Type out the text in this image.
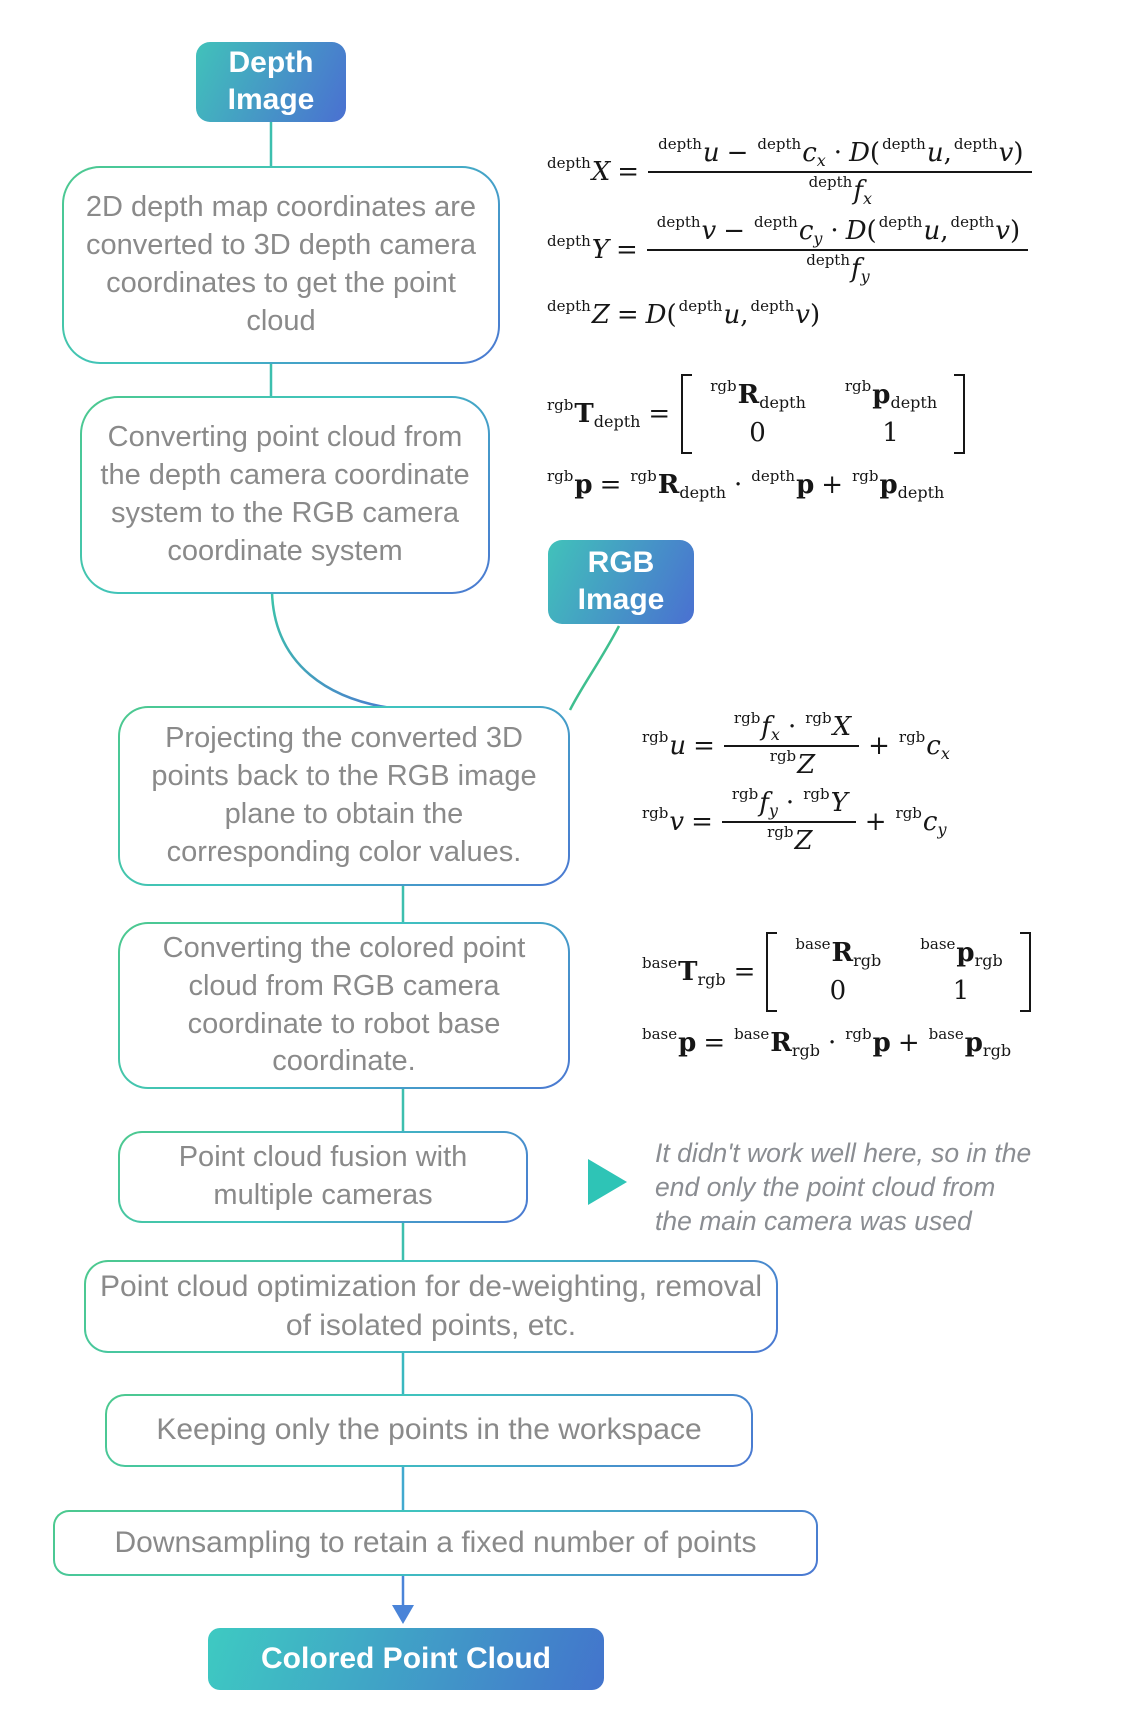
Depth
Image
RGB
Image
2D depth map coordinates are converted to 3D depth camera coordinates to get the point cloud
Converting point cloud from the depth camera coordinate system to the RGB camera coordinate system
Projecting the converted 3D points back to the RGB image plane to obtain the corresponding color values.
Converting the colored point cloud from RGB camera coordinate to robot base coordinate.
Point cloud fusion with multiple cameras
Point cloud optimization for de-weighting, removal of isolated points, etc.
Keeping only the points in the workspace
Downsampling to retain a fixed number of points
Colored Point Cloud
It didn't work well here, so in the end only the point cloud from the main camera was used
depth $X = \frac{\text{depth u − depth c x · D ( depth u , depth v )}}{\text{depth f x}}$
depth $Y = \frac{\text{depth v − depth c y · D ( depth u , depth v )}}{\text{depth f y}}$
depth Z = D ( depth u , depth v )
rgb T depth =
rgb R depth
rgb p depth
0	1
rgb p = rgb R depth · depth p + rgb p depth
rgb $u = \frac{\text{rgb f x · rgb X}}{\text{rgb Z}}$ + rgb c x
rgb $v = \frac{\text{rgb f y · rgb Y}}{\text{rgb Z}}$ + rgb c y
base T rgb =
base R rgb
base p rgb
0	1
base p = base R rgb · rgb p + base p rgb
